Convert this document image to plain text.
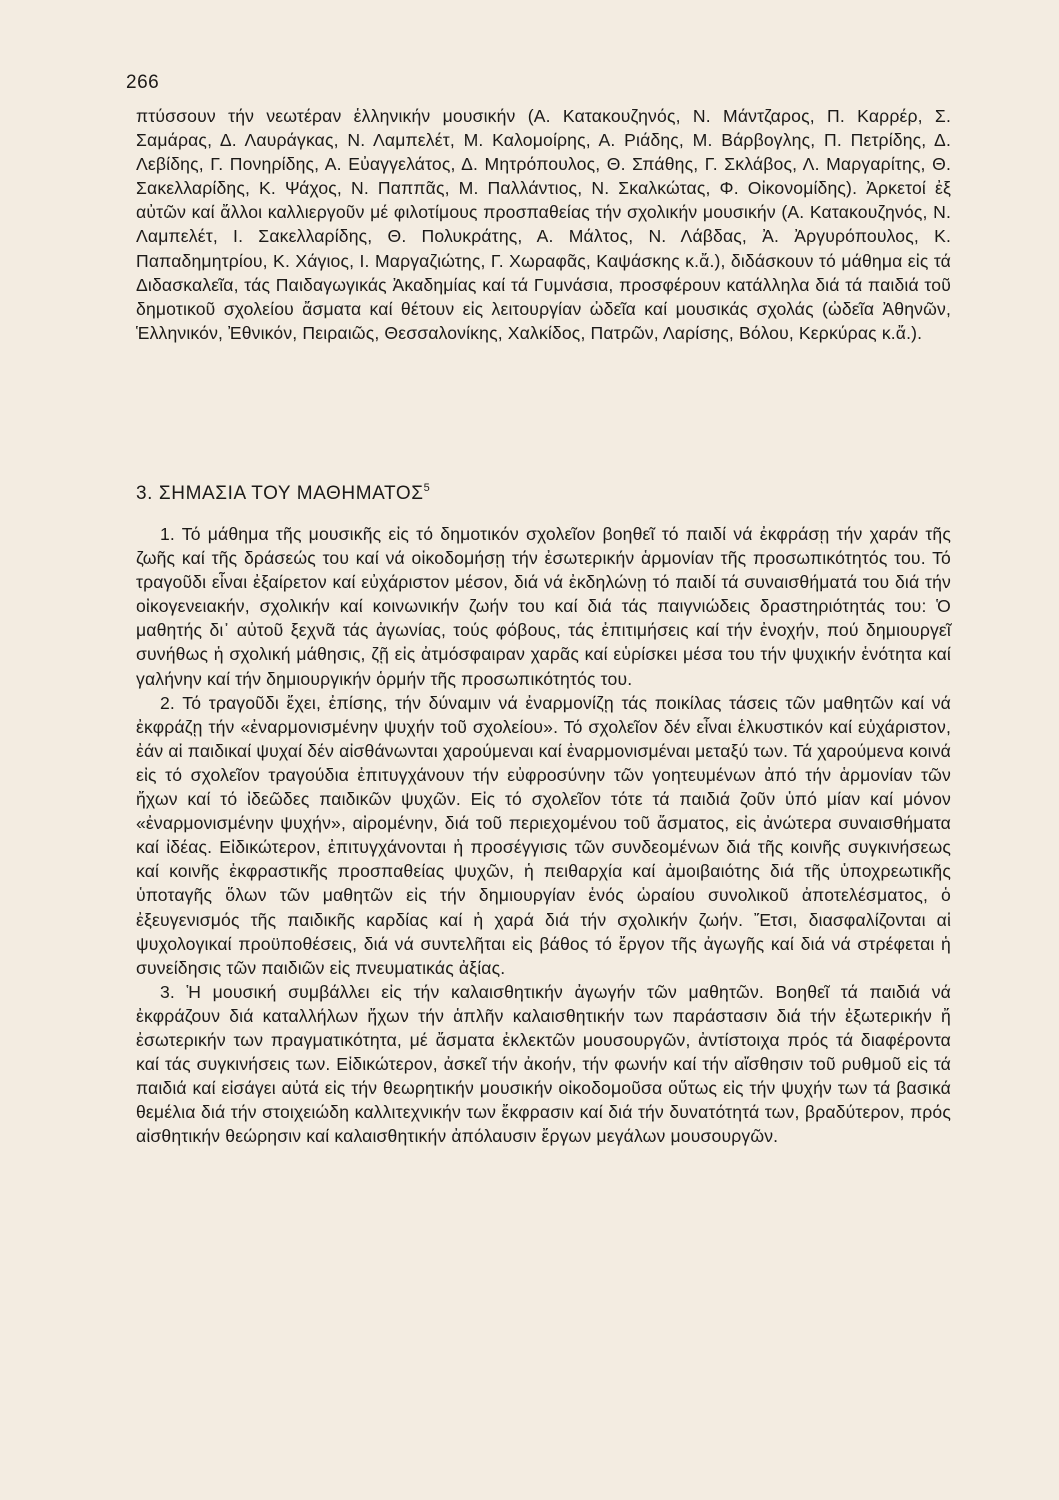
266
πτύσσουν τήν νεωτέραν ἑλληνικήν μουσικήν (Α. Κατακουζηνός, Ν. Μάντζαρος, Π. Καρρέρ, Σ. Σαμάρας, Δ. Λαυράγκας, Ν. Λαμπελέτ, Μ. Καλομοίρης, Α. Ριάδης, Μ. Βάρβογλης, Π. Πετρίδης, Δ. Λεβίδης, Γ. Πονηρίδης, Α. Εὐαγγελάτος, Δ. Μητρόπουλος, Θ. Σπάθης, Γ. Σκλάβος, Λ. Μαργαρίτης, Θ. Σακελλαρίδης, Κ. Ψάχος, Ν. Παππᾶς, Μ. Παλλάντιος, Ν. Σκαλκώτας, Φ. Οἰκονομίδης). Ἀρκετοί ἐξ αὐτῶν καί ἄλλοι καλλιεργοῦν μέ φιλοτίμους προσπαθείας τήν σχολικήν μουσικήν (Α. Κατακουζηνός, Ν. Λαμπελέτ, Ι. Σακελλαρίδης, Θ. Πολυκράτης, Α. Μάλτος, Ν. Λάβδας, Ἀ. Ἀργυρόπουλος, Κ. Παπαδημητρίου, Κ. Χάγιος, Ι. Μαργαζιώτης, Γ. Χωραφᾶς, Καψάσκης κ.ἄ.), διδάσκουν τό μάθημα εἰς τά Διδασκαλεῖα, τάς Παιδαγωγικάς Ἀκαδημίας καί τά Γυμνάσια, προσφέρουν κατάλληλα διά τά παιδιά τοῦ δημοτικοῦ σχολείου ἄσματα καί θέτουν εἰς λειτουργίαν ὠδεῖα καί μουσικάς σχολάς (ὠδεῖα Ἀθηνῶν, Ἑλληνικόν, Ἐθνικόν, Πειραιῶς, Θεσσαλονίκης, Χαλκίδος, Πατρῶν, Λαρίσης, Βόλου, Κερκύρας κ.ἄ.).
3. ΣΗΜΑΣΙΑ ΤΟΥ ΜΑΘΗΜΑΤΟΣ$^5$

1. Τό μάθημα τῆς μουσικῆς εἰς τό δημοτικόν σχολεῖον βοηθεῖ τό παιδί νά ἐκφράσῃ τήν χαράν τῆς ζωῆς καί τῆς δράσεώς του καί νά οἰκοδομήσῃ τήν ἐσωτερικήν ἁρμονίαν τῆς προσωπικότητός του. Τό τραγοῦδι εἶναι ἐξαίρετον καί εὐχάριστον μέσον, διά νά ἐκδηλώνῃ τό παιδί τά συναισθήματά του διά τήν οἰκογενειακήν, σχολικήν καί κοινωνικήν ζωήν του καί διά τάς παιγνιώδεις δραστηριότητάς του: Ὁ μαθητής δι᾽ αὐτοῦ ξεχνᾶ τάς ἀγωνίας, τούς φόβους, τάς ἐπιτιμήσεις καί τήν ἐνοχήν, πού δημιουργεῖ συνήθως ἡ σχολική μάθησις, ζῇ εἰς ἀτμόσφαιραν χαρᾶς καί εὑρίσκει μέσα του τήν ψυχικήν ἑνότητα καί γαλήνην καί τήν δημιουργικήν ὁρμήν τῆς προσωπικότητός του.

2. Τό τραγοῦδι ἔχει, ἐπίσης, τήν δύναμιν νά ἐναρμονίζῃ τάς ποικίλας τάσεις τῶν μαθητῶν καί νά ἐκφράζῃ τήν «ἐναρμονισμένην ψυχήν τοῦ σχολείου». Τό σχολεῖον δέν εἶναι ἑλκυστικόν καί εὐχάριστον, ἐάν αἱ παιδικαί ψυχαί δέν αἰσθάνωνται χαρούμεναι καί ἐναρμονισμέναι μεταξύ των. Τά χαρούμενα κοινά εἰς τό σχολεῖον τραγούδια ἐπιτυγχάνουν τήν εὐφροσύνην τῶν γοητευμένων ἀπό τήν ἁρμονίαν τῶν ἤχων καί τό ἰδεῶδες παιδικῶν ψυχῶν. Εἰς τό σχολεῖον τότε τά παιδιά ζοῦν ὑπό μίαν καί μόνον «ἐναρμονισμένην ψυχήν», αἰρομένην, διά τοῦ περιεχομένου τοῦ ἄσματος, εἰς ἀνώτερα συναισθήματα καί ἰδέας. Εἰδικώτερον, ἐπιτυγχάνονται ἡ προσέγγισις τῶν συνδεομένων διά τῆς κοινῆς συγκινήσεως καί κοινῆς ἐκφραστικῆς προσπαθείας ψυχῶν, ἡ πειθαρχία καί ἀμοιβαιότης διά τῆς ὑποχρεωτικῆς ὑποταγῆς ὅλων τῶν μαθητῶν εἰς τήν δημιουργίαν ἑνός ὡραίου συνολικοῦ ἀποτελέσματος, ὁ ἐξευγενισμός τῆς παιδικῆς καρδίας καί ἡ χαρά διά τήν σχολικήν ζωήν. Ἔτσι, διασφαλίζονται αἱ ψυχολογικαί προϋποθέσεις, διά νά συντελῆται εἰς βάθος τό ἔργον τῆς ἀγωγῆς καί διά νά στρέφεται ἡ συνείδησις τῶν παιδιῶν εἰς πνευματικάς ἀξίας.

3. Ἡ μουσική συμβάλλει εἰς τήν καλαισθητικήν ἀγωγήν τῶν μαθητῶν. Βοηθεῖ τά παιδιά νά ἐκφράζουν διά καταλλήλων ἤχων τήν ἁπλῆν καλαισθητικήν των παράστασιν διά τήν ἐξωτερικήν ἤ ἐσωτερικήν των πραγματικότητα, μέ ἄσματα ἐκλεκτῶν μουσουργῶν, ἀντίστοιχα πρός τά διαφέροντα καί τάς συγκινήσεις των. Εἰδικώτερον, ἀσκεῖ τήν ἀκοήν, τήν φωνήν καί τήν αἴσθησιν τοῦ ρυθμοῦ εἰς τά παιδιά καί εἰσάγει αὐτά εἰς τήν θεωρητικήν μουσικήν οἰκοδομοῦσα οὕτως εἰς τήν ψυχήν των τά βασικά θεμέλια διά τήν στοιχειώδη καλλιτεχνικήν των ἔκφρασιν καί διά τήν δυνατότητά των, βραδύτερον, πρός αἰσθητικήν θεώρησιν καί καλαισθητικήν ἀπόλαυσιν ἔργων μεγάλων μουσουργῶν.
